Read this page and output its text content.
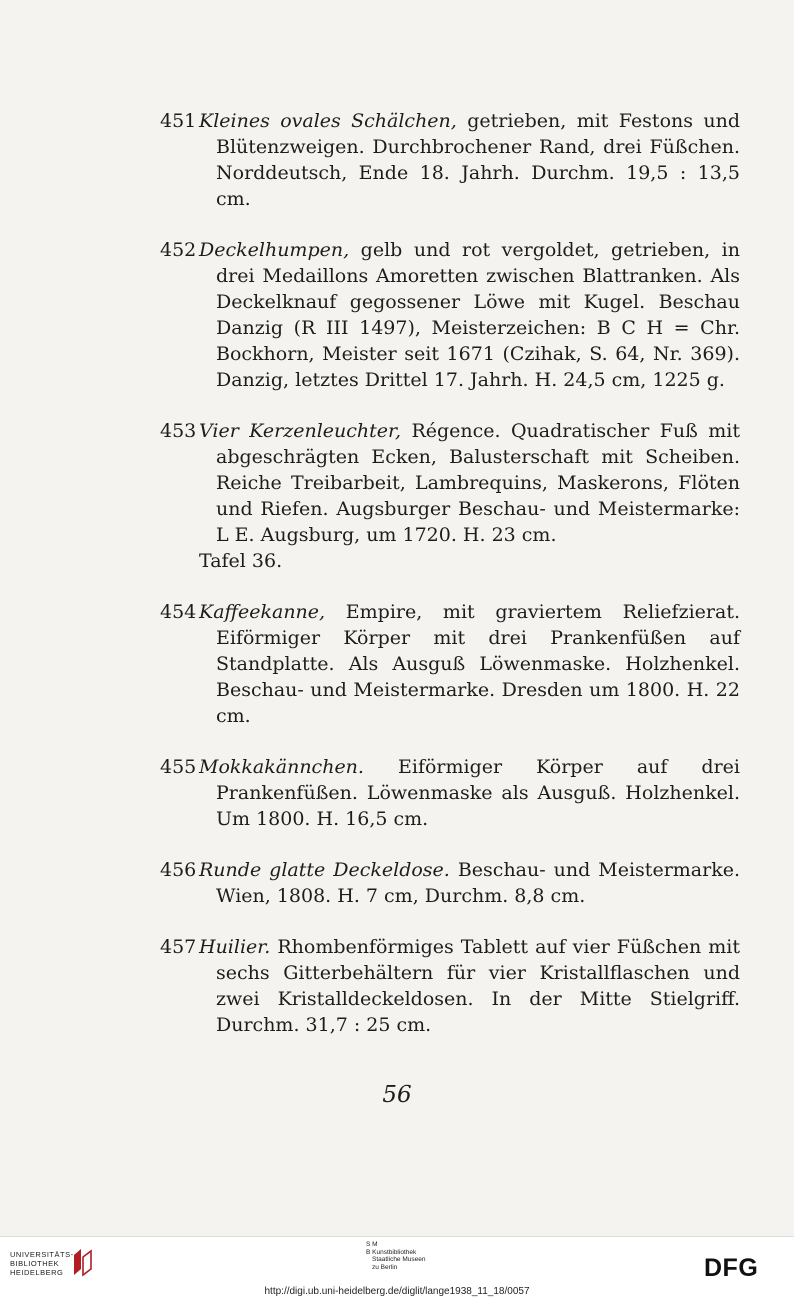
451 Kleines ovales Schälchen, getrieben, mit Festons und Blütenzweigen. Durchbrochener Rand, drei Füßchen. Norddeutsch, Ende 18. Jahrh. Durchm. 19,5 : 13,5 cm.
452 Deckelhumpen, gelb und rot vergoldet, getrieben, in drei Medaillons Amoretten zwischen Blattranken. Als Deckelknauf gegossener Löwe mit Kugel. Beschau Danzig (R III 1497), Meisterzeichen: B C H = Chr. Bockhorn, Meister seit 1671 (Czihak, S. 64, Nr. 369). Danzig, letztes Drittel 17. Jahrh. H. 24,5 cm, 1225 g.
453 Vier Kerzenleuchter, Régence. Quadratischer Fuß mit abgeschrägten Ecken, Balusterschaft mit Scheiben. Reiche Treibarbeit, Lambrequins, Maskerons, Flöten und Riefen. Augsburger Beschau- und Meistermarke: L E. Augsburg, um 1720. H. 23 cm.
Tafel 36.
454 Kaffeekanne, Empire, mit graviertem Reliefzierat. Eiförmiger Körper mit drei Prankenfüßen auf Standplatte. Als Ausguß Löwenmaske. Holzhenkel. Beschau- und Meistermarke. Dresden um 1800. H. 22 cm.
455 Mokkakännchen. Eiförmiger Körper auf drei Prankenfüßen. Löwenmaske als Ausguß. Holzhenkel. Um 1800. H. 16,5 cm.
456 Runde glatte Deckeldose. Beschau- und Meistermarke. Wien, 1808. H. 7 cm, Durchm. 8,8 cm.
457 Huilier. Rhombenförmiges Tablett auf vier Füßchen mit sechs Gitterbehältern für vier Kristallflaschen und zwei Kristalldeckeldosen. In der Mitte Stielgriff. Durchm. 31,7 : 25 cm.
56
UNIVERSITÄTS-
BIBLIOTHEK
HEIDELBERG
S M
B Kunstbibliothek
Staatliche Museen
zu Berlin	DFG
http://digi.ub.uni-heidelberg.de/diglit/lange1938_11_18/0057
